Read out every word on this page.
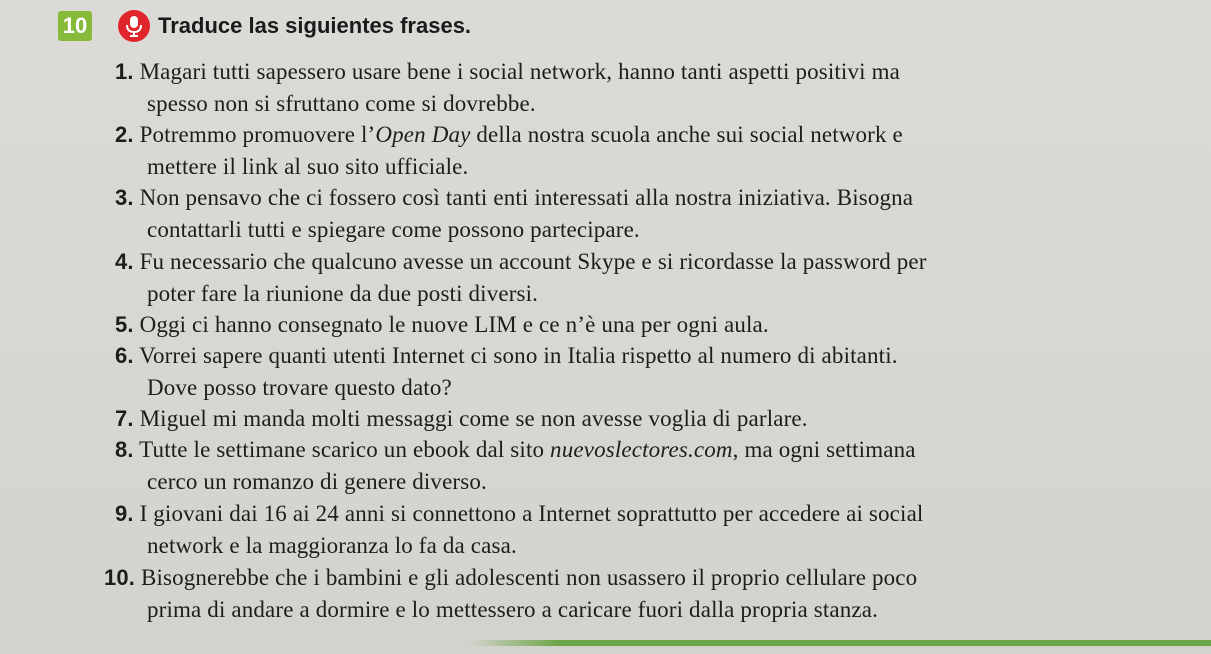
10	Traduce las siguientes frases.
1. Magari tutti sapessero usare bene i social network, hanno tanti aspetti positivi ma
spesso non si sfruttano come si dovrebbe.
2. Potremmo promuovere l’Open Day della nostra scuola anche sui social network e
mettere il link al suo sito ufficiale.
3. Non pensavo che ci fossero così tanti enti interessati alla nostra iniziativa. Bisogna
contattarli tutti e spiegare come possono partecipare.
4. Fu necessario che qualcuno avesse un account Skype e si ricordasse la password per
poter fare la riunione da due posti diversi.
5. Oggi ci hanno consegnato le nuove LIM e ce n’è una per ogni aula.
6. Vorrei sapere quanti utenti Internet ci sono in Italia rispetto al numero di abitanti.
Dove posso trovare questo dato?
7. Miguel mi manda molti messaggi come se non avesse voglia di parlare.
8. Tutte le settimane scarico un ebook dal sito nuevoslectores.com, ma ogni settimana
cerco un romanzo di genere diverso.
9. I giovani dai 16 ai 24 anni si connettono a Internet soprattutto per accedere ai social
network e la maggioranza lo fa da casa.
10. Bisognerebbe che i bambini e gli adolescenti non usassero il proprio cellulare poco
prima di andare a dormire e lo mettessero a caricare fuori dalla propria stanza.
